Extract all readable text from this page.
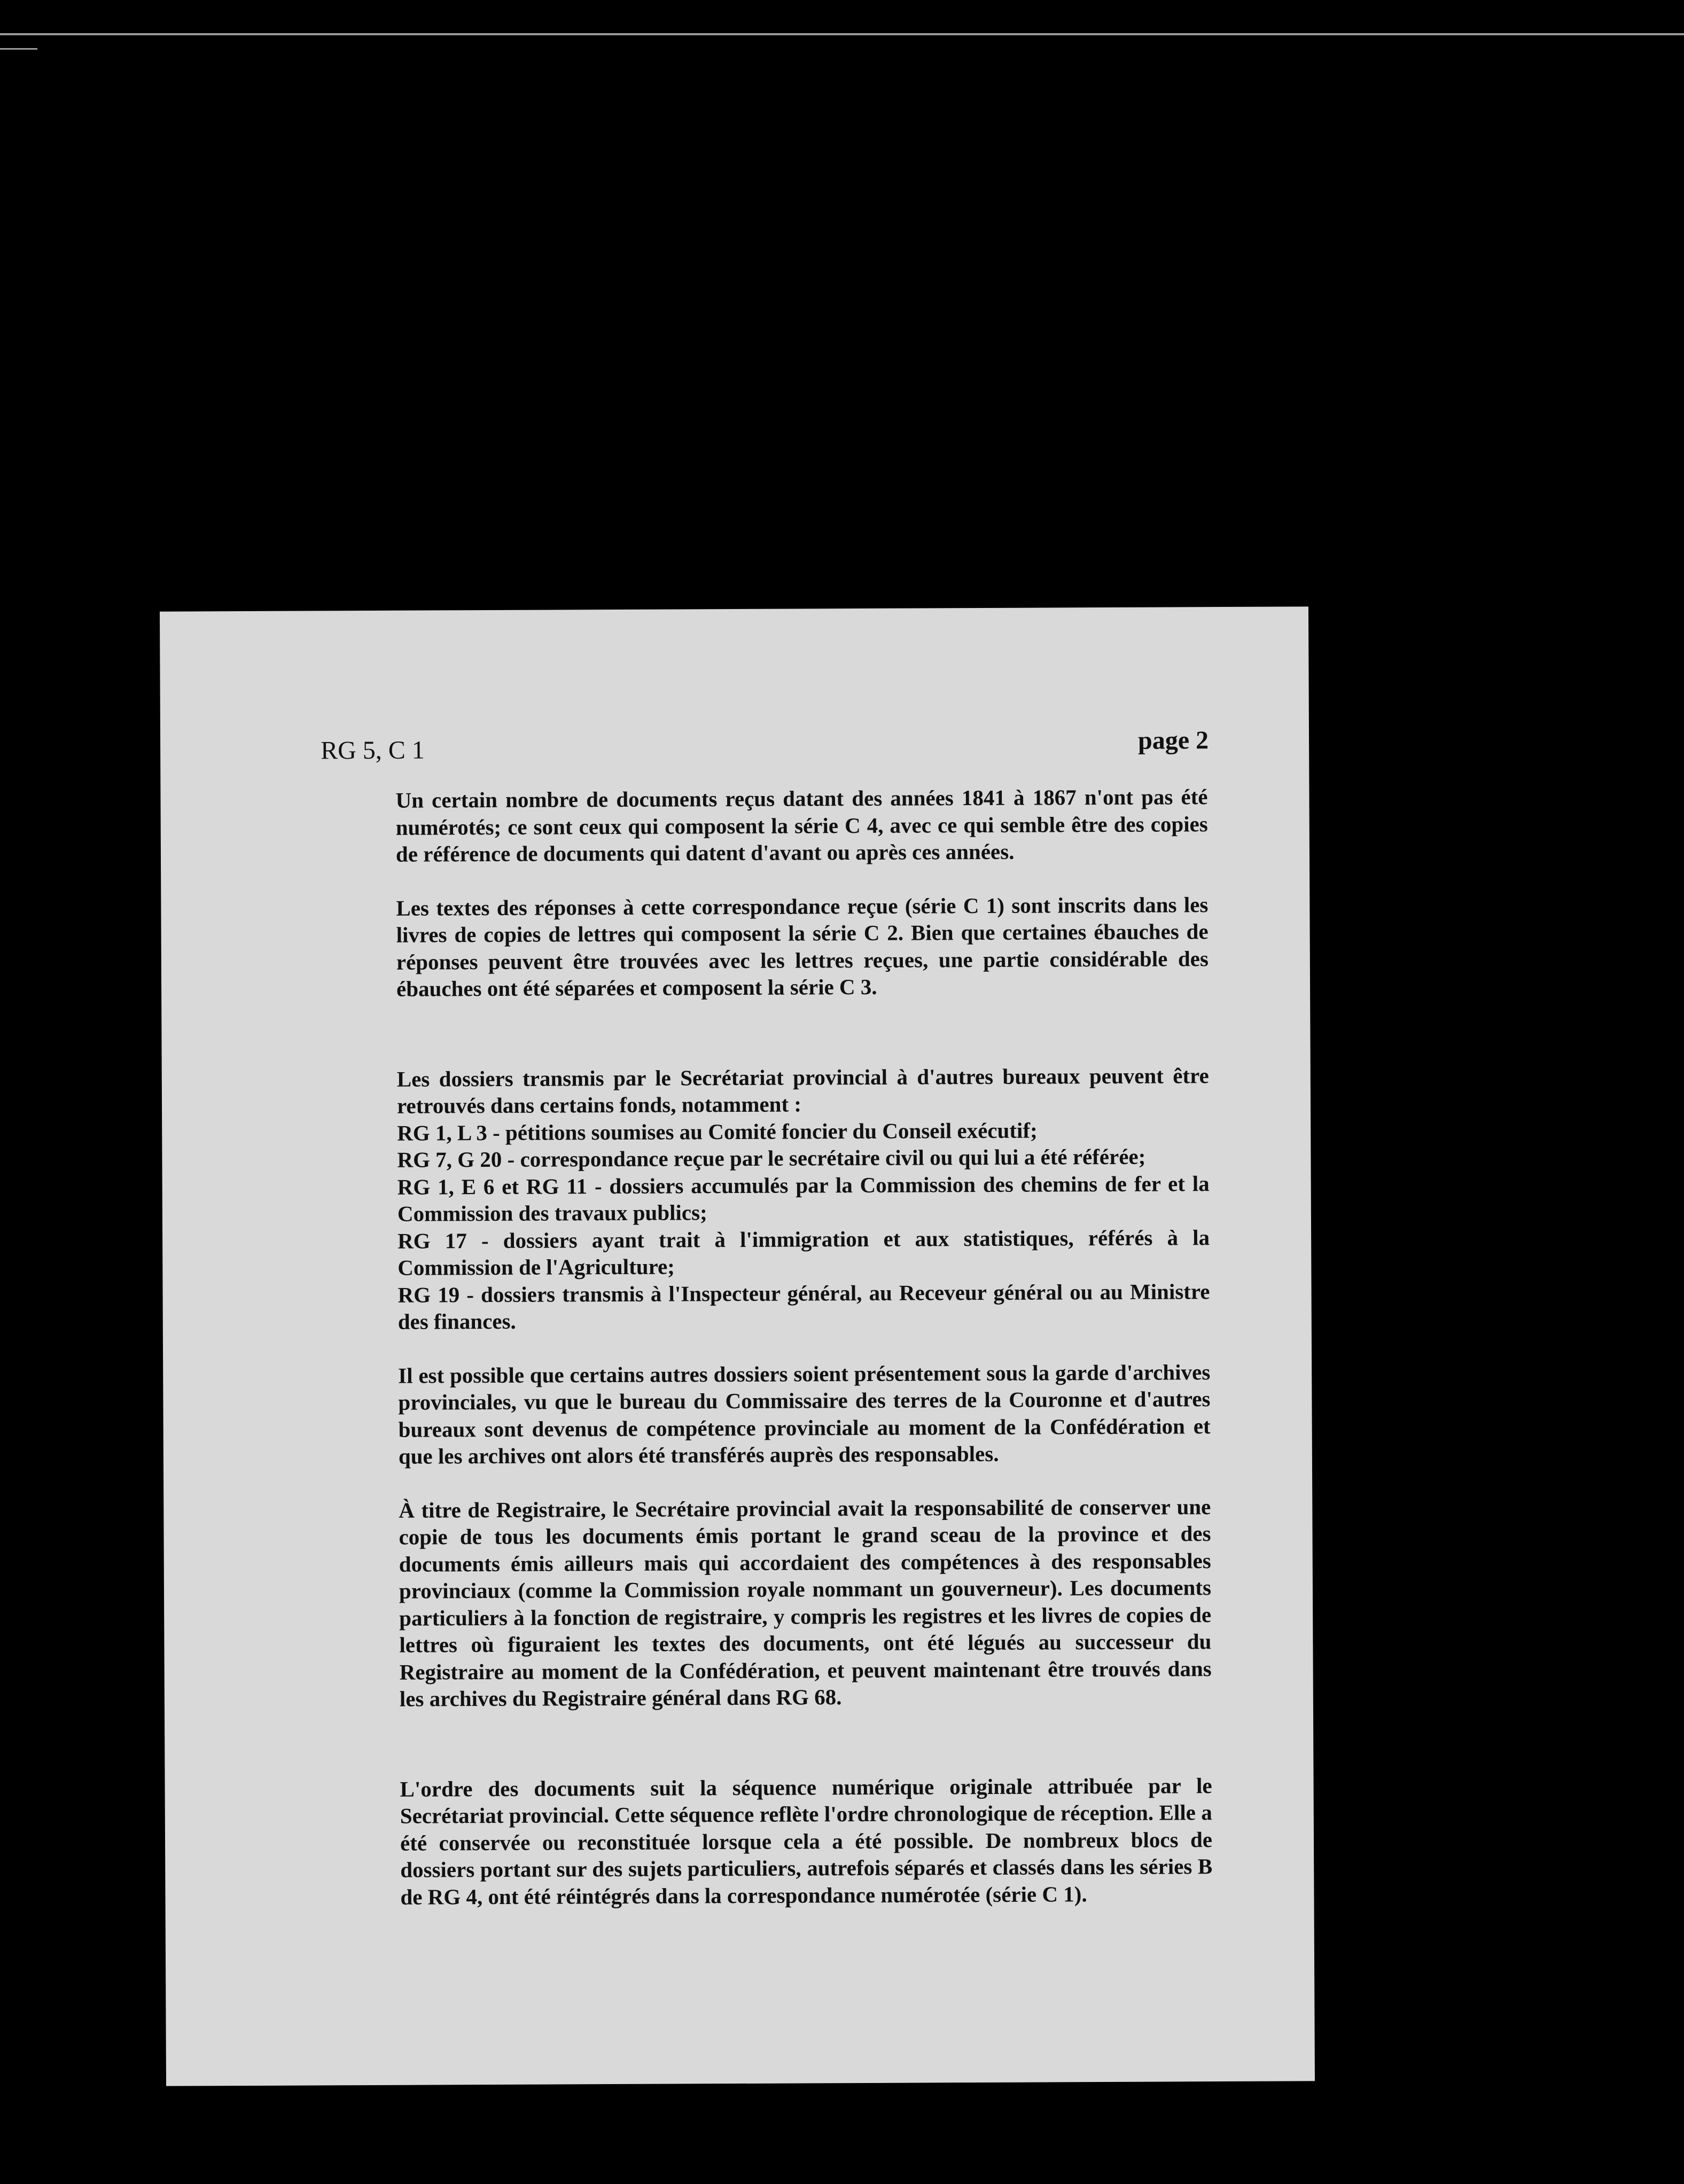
RG 5, C 1	page 2

Un certain nombre de documents reçus datant des années 1841 à 1867 n'ont pas été numérotés; ce sont ceux qui composent la série C 4, avec ce qui semble être des copies de référence de documents qui datent d'avant ou après ces années.

Les textes des réponses à cette correspondance reçue (série C 1) sont inscrits dans les livres de copies de lettres qui composent la série C 2. Bien que certaines ébauches de réponses peuvent être trouvées avec les lettres reçues, une partie considérable des ébauches ont été séparées et composent la série C 3.

Les dossiers transmis par le Secrétariat provincial à d'autres bureaux peuvent être retrouvés dans certains fonds, notamment :
RG 1, L 3 - pétitions soumises au Comité foncier du Conseil exécutif;
RG 7, G 20 - correspondance reçue par le secrétaire civil ou qui lui a été référée;
RG 1, E 6 et RG 11 - dossiers accumulés par la Commission des chemins de fer et la Commission des travaux publics;
RG 17 - dossiers ayant trait à l'immigration et aux statistiques, référés à la Commission de l'Agriculture;
RG 19 - dossiers transmis à l'Inspecteur général, au Receveur général ou au Ministre des finances.

Il est possible que certains autres dossiers soient présentement sous la garde d'archives provinciales, vu que le bureau du Commissaire des terres de la Couronne et d'autres bureaux sont devenus de compétence provinciale au moment de la Confédération et que les archives ont alors été transférés auprès des responsables.

À titre de Registraire, le Secrétaire provincial avait la responsabilité de conserver une copie de tous les documents émis portant le grand sceau de la province et des documents émis ailleurs mais qui accordaient des compétences à des responsables provinciaux (comme la Commission royale nommant un gouverneur). Les documents particuliers à la fonction de registraire, y compris les registres et les livres de copies de lettres où figuraient les textes des documents, ont été légués au successeur du Registraire au moment de la Confédération, et peuvent maintenant être trouvés dans les archives du Registraire général dans RG 68.

L'ordre des documents suit la séquence numérique originale attribuée par le Secrétariat provincial. Cette séquence reflète l'ordre chronologique de réception. Elle a été conservée ou reconstituée lorsque cela a été possible. De nombreux blocs de dossiers portant sur des sujets particuliers, autrefois séparés et classés dans les séries B de RG 4, ont été réintégrés dans la correspondance numérotée (série C 1).
